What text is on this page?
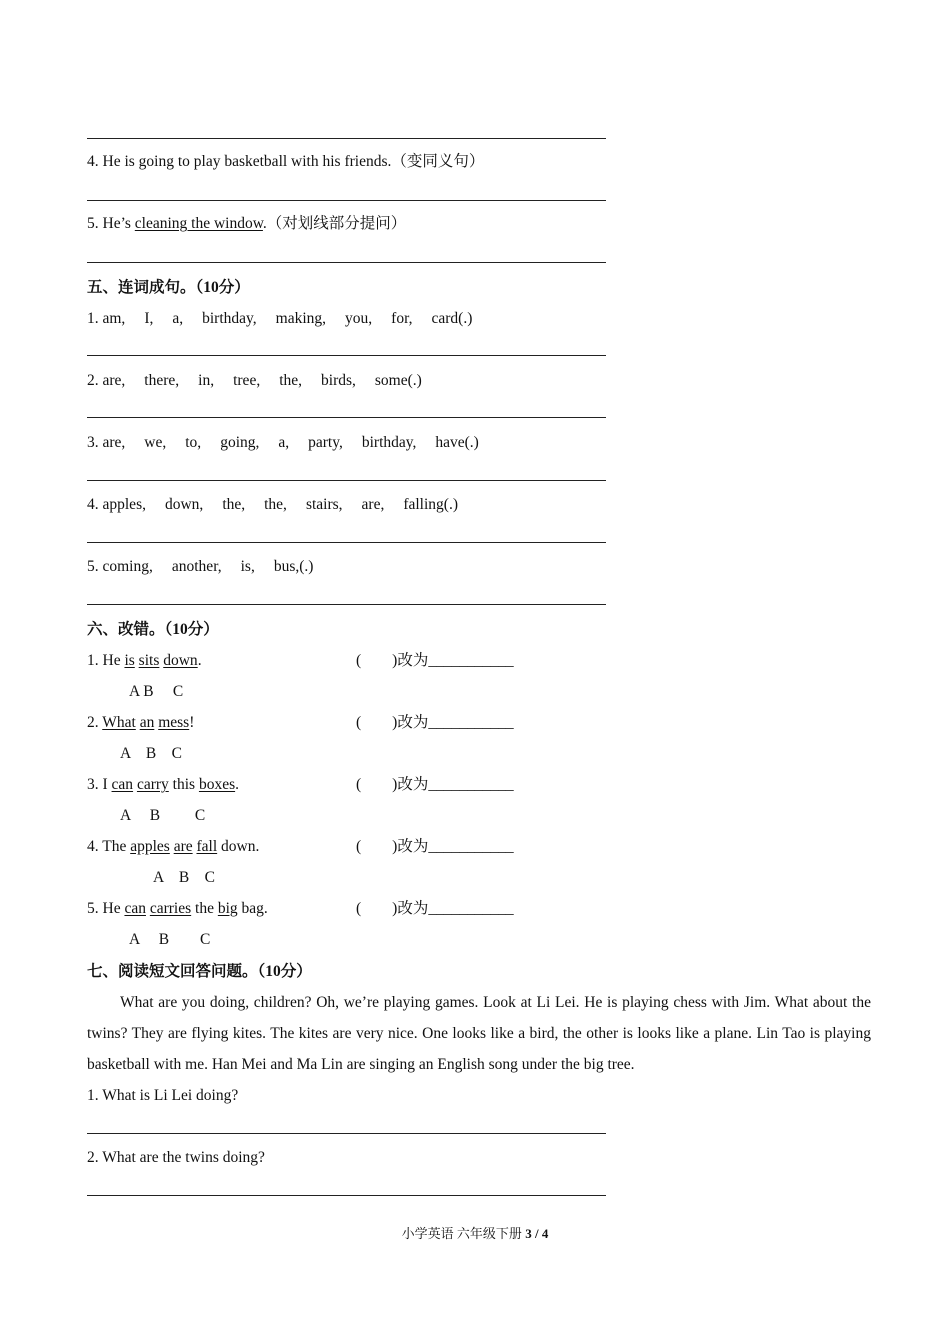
4. He is going to play basketball with his friends.（变同义句）
5. He’s cleaning the window.（对划线部分提问）
五、连词成句。（10分）
1. am, I, a, birthday, making, you, for, card(.)
2. are, there, in, tree, the, birds, some(.)
3. are, we, to, going, a, party, birthday, have(.)
4. apples, down, the, the, stairs, are, falling(.)
5. coming, another, is, bus,(.)
六、改错。（10分）
1. He is sits down.	(　　)改为___________
A B　 C
2. What an mess!	(　　)改为___________
A　B　C
3. I can carry this boxes.	(　　)改为___________
A　 B　　 C
4. The apples are fall down.	(　　)改为___________
A　B　C
5. He can carries the big bag.	(　　)改为___________
A　 B　　C
七、阅读短文回答问题。（10分）
What are you doing, children? Oh, we’re playing games. Look at Li Lei. He is playing chess with Jim. What about the twins? They are flying kites. The kites are very nice. One looks like a bird, the other is looks like a plane. Lin Tao is playing basketball with me. Han Mei and Ma Lin are singing an English song under the big tree.
1. What is Li Lei doing?
2. What are the twins doing?
小学英语 六年级下册 3 / 4
